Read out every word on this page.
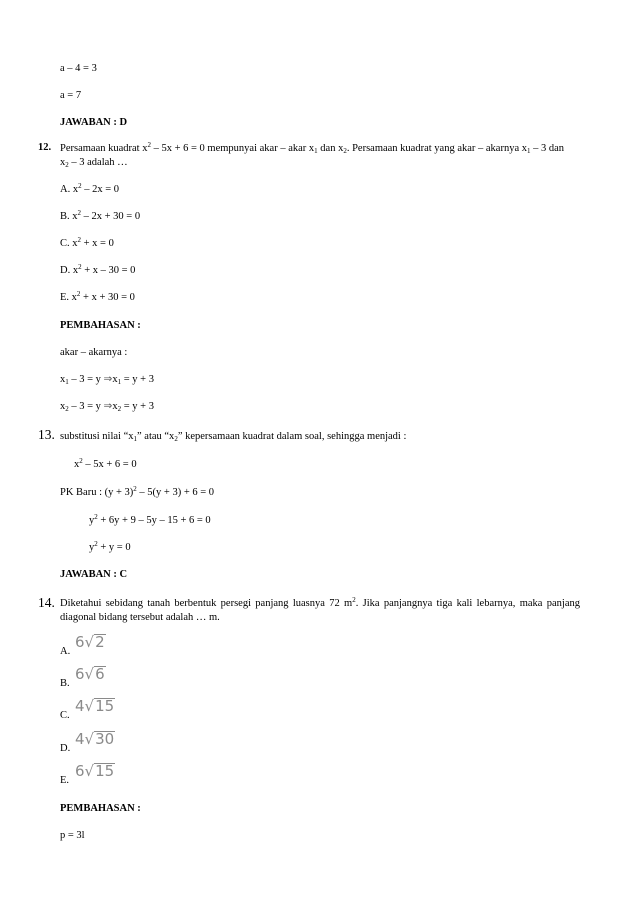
a – 4 = 3
a = 7
JAWABAN : D
12. Persamaan kuadrat $x^2 - 5x + 6 = 0$ mempunyai akar – akar $x_1$ dan $x_2$. Persamaan kuadrat yang akar – akarnya $x_1 - 3$ dan
$x_2 - 3$ adalah …
A. $x^2 - 2x = 0$
B. $x^2 - 2x + 30 = 0$
C. $x^2 + x = 0$
D. $x^2 + x - 30 = 0$
E. $x^2 + x + 30 = 0$
PEMBAHASAN :
akar – akarnya :
$x_1 - 3 = y$ $\Rightarrow x_1 = y + 3$
$x_2 - 3 = y$ $\Rightarrow x_2 = y + 3$
13. substitusi nilai “$x_1$” atau “$x_2$” kepersamaan kuadrat dalam soal, sehingga menjadi :
$x^2 - 5x + 6 = 0$
PK Baru : $(y + 3)^2 - 5(y + 3) + 6 = 0$
$y^2 + 6y + 9 - 5y - 15 + 6 = 0$
$y^2 + y = 0$
JAWABAN : C
14. Diketahui sebidang tanah berbentuk persegi panjang luasnya 72 $m^2$. Jika panjangnya tiga kali lebarnya, maka panjang diagonal bidang tersebut adalah … m.
A.
6√2
B.
6√6
C.
4√15
D.
4√30
E.
6√15
PEMBAHASAN :
p = 3l
